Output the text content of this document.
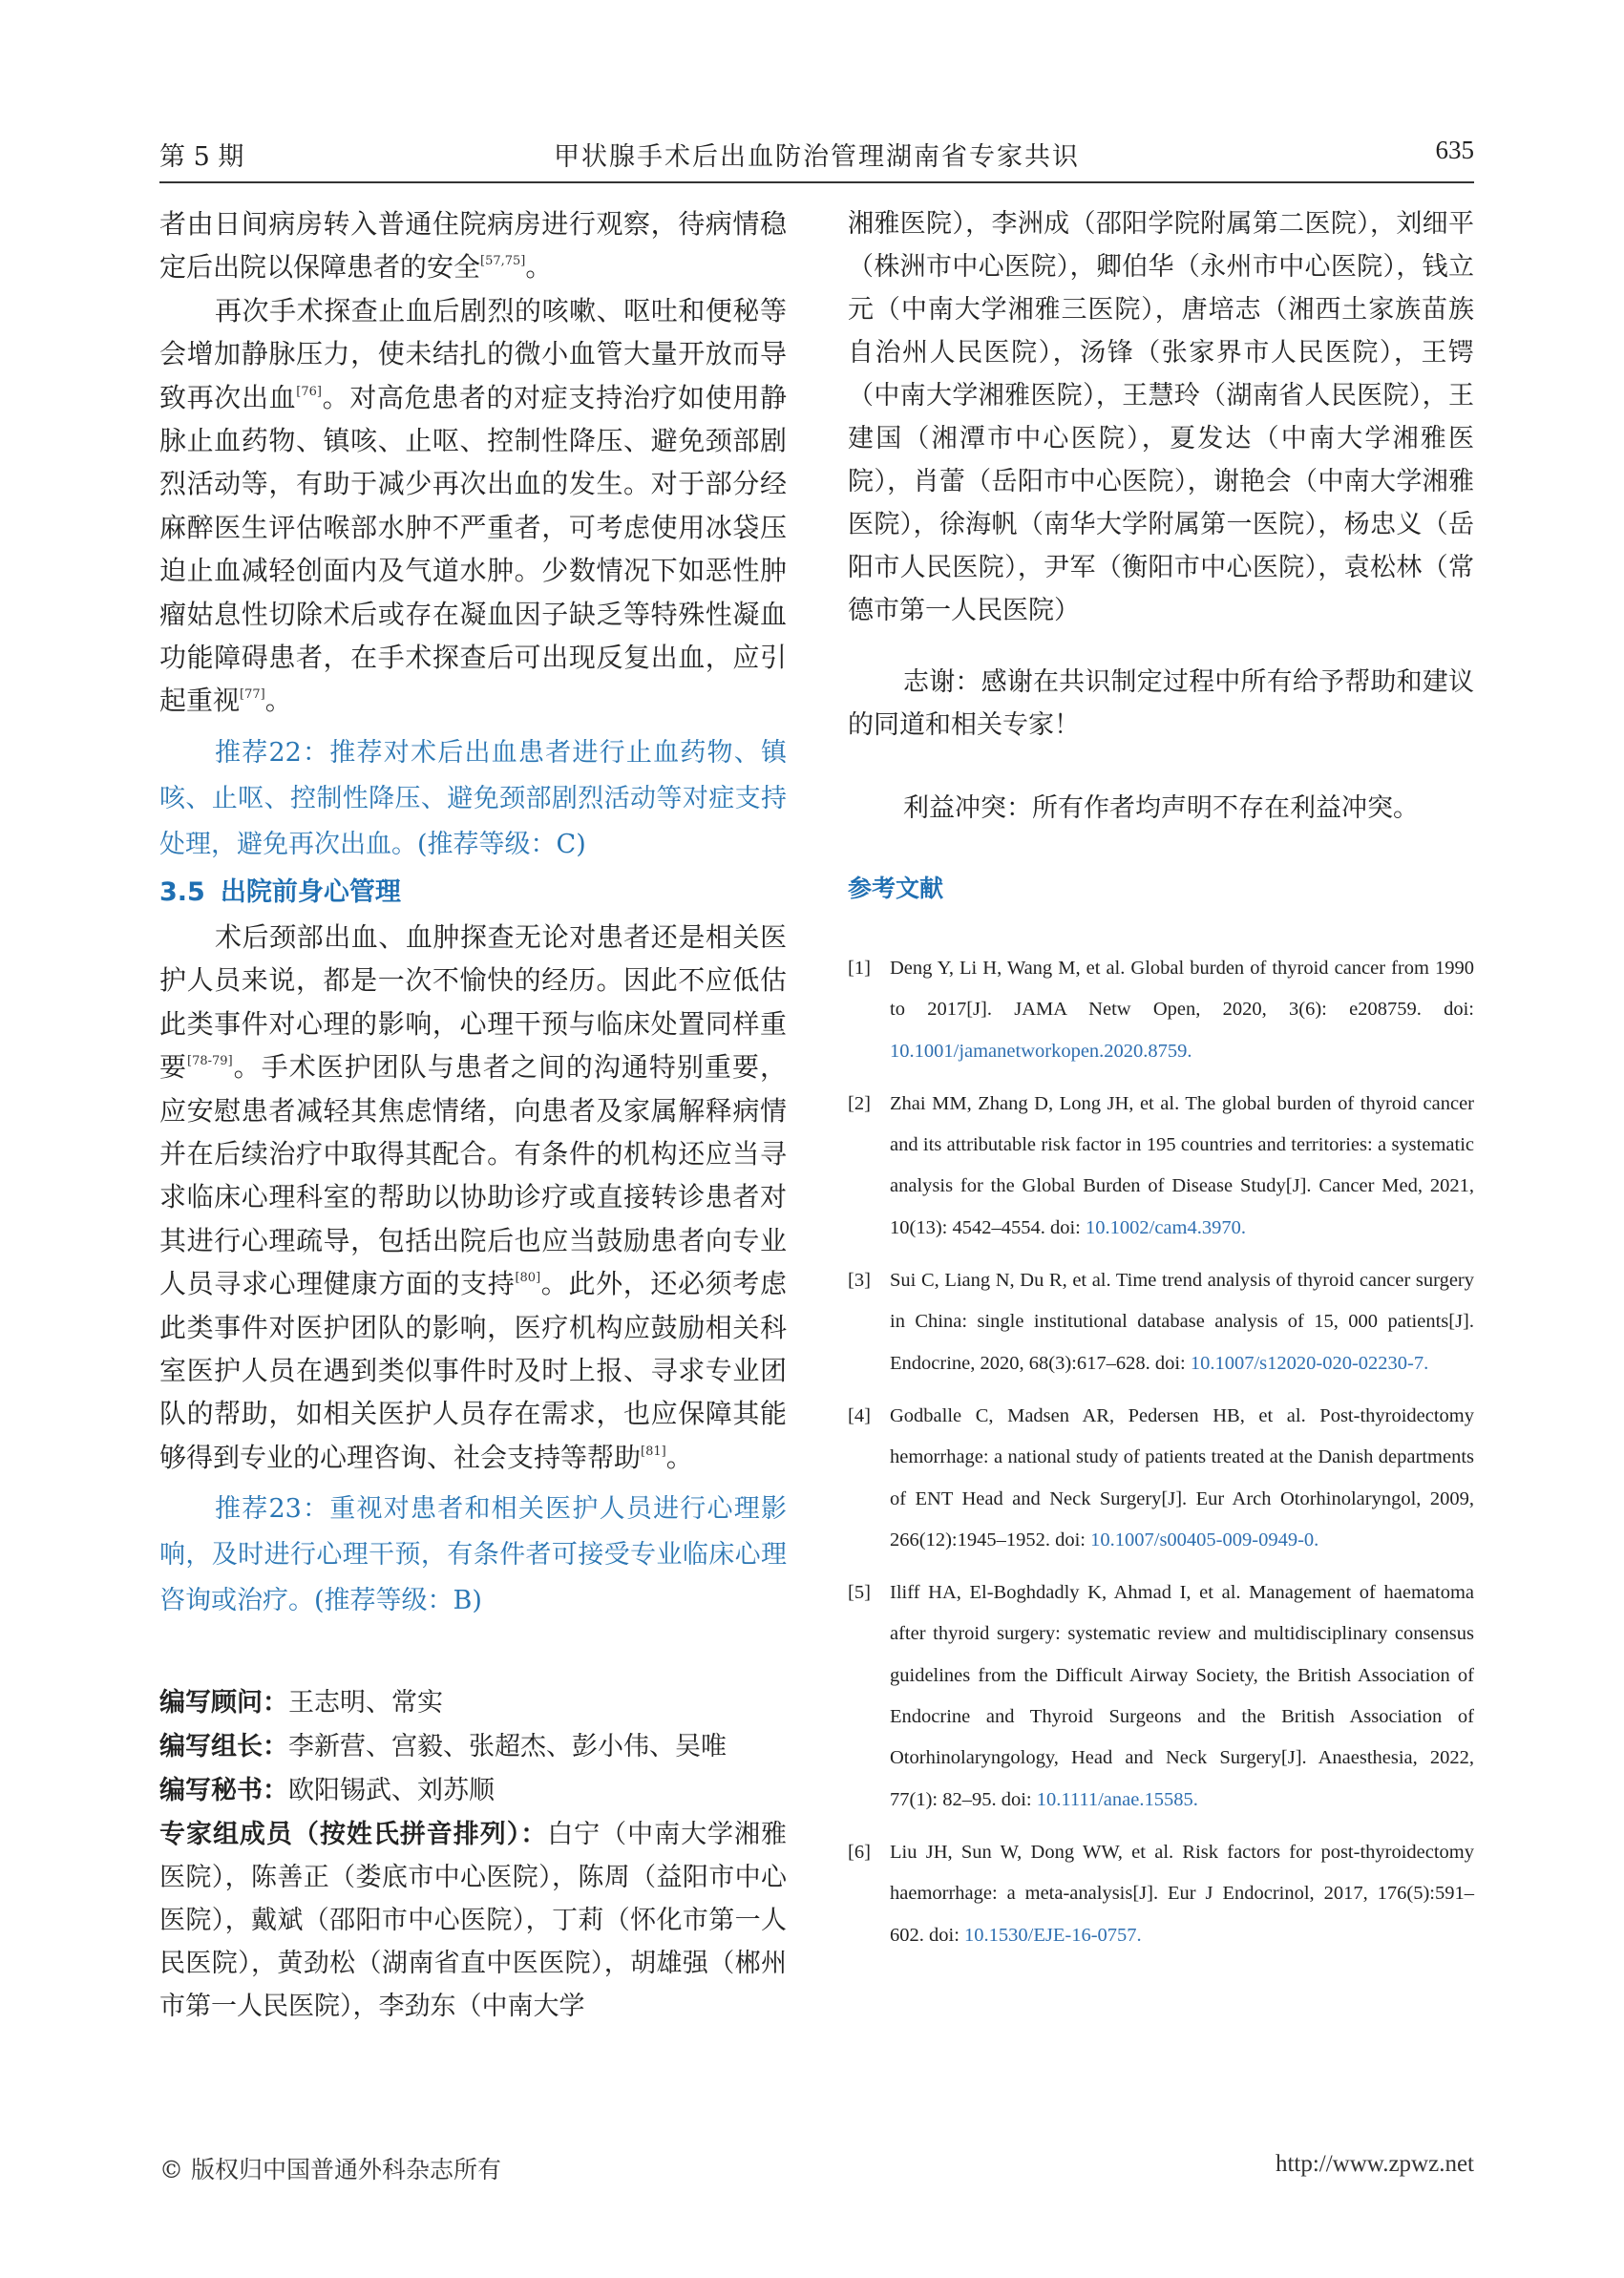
第 5 期	甲状腺手术后出血防治管理湖南省专家共识	635

者由日间病房转入普通住院病房进行观察，待病情稳定后出院以保障患者的安全[57,75]。

再次手术探查止血后剧烈的咳嗽、呕吐和便秘等会增加静脉压力，使未结扎的微小血管大量开放而导致再次出血[76]。对高危患者的对症支持治疗如使用静脉止血药物、镇咳、止呕、控制性降压、避免颈部剧烈活动等，有助于减少再次出血的发生。对于部分经麻醉医生评估喉部水肿不严重者，可考虑使用冰袋压迫止血减轻创面内及气道水肿。少数情况下如恶性肿瘤姑息性切除术后或存在凝血因子缺乏等特殊性凝血功能障碍患者，在手术探查后可出现反复出血，应引起重视[77]。

推荐22：推荐对术后出血患者进行止血药物、镇咳、止呕、控制性降压、避免颈部剧烈活动等对症支持处理，避免再次出血。(推荐等级：C)

3.5 出院前身心管理

术后颈部出血、血肿探查无论对患者还是相关医护人员来说，都是一次不愉快的经历。因此不应低估此类事件对心理的影响，心理干预与临床处置同样重要[78-79]。手术医护团队与患者之间的沟通特别重要，应安慰患者减轻其焦虑情绪，向患者及家属解释病情并在后续治疗中取得其配合。有条件的机构还应当寻求临床心理科室的帮助以协助诊疗或直接转诊患者对其进行心理疏导，包括出院后也应当鼓励患者向专业人员寻求心理健康方面的支持[80]。此外，还必须考虑此类事件对医护团队的影响，医疗机构应鼓励相关科室医护人员在遇到类似事件时及时上报、寻求专业团队的帮助，如相关医护人员存在需求，也应保障其能够得到专业的心理咨询、社会支持等帮助[81]。

推荐23：重视对患者和相关医护人员进行心理影响，及时进行心理干预，有条件者可接受专业临床心理咨询或治疗。(推荐等级：B)

编写顾问：王志明、常实
编写组长：李新营、宫毅、张超杰、彭小伟、吴唯
编写秘书：欧阳锡武、刘苏顺
专家组成员（按姓氏拼音排列）：白宁（中南大学湘雅医院），陈善正（娄底市中心医院），陈周（益阳市中心医院），戴斌（邵阳市中心医院），丁莉（怀化市第一人民医院），黄劲松（湖南省直中医医院），胡雄强（郴州市第一人民医院），李劲东（中南大学

湘雅医院），李洲成（邵阳学院附属第二医院），刘细平（株洲市中心医院），卿伯华（永州市中心医院），钱立元（中南大学湘雅三医院），唐培志（湘西土家族苗族自治州人民医院），汤锋（张家界市人民医院），王锷（中南大学湘雅医院），王慧玲（湖南省人民医院），王建国（湘潭市中心医院），夏发达（中南大学湘雅医院），肖蕾（岳阳市中心医院），谢艳会（中南大学湘雅医院），徐海帆（南华大学附属第一医院），杨忠义（岳阳市人民医院），尹军（衡阳市中心医院），袁松林（常德市第一人民医院）

志谢：感谢在共识制定过程中所有给予帮助和建议的同道和相关专家！

利益冲突：所有作者均声明不存在利益冲突。

参考文献
[1] Deng Y, Li H, Wang M, et al. Global burden of thyroid cancer from 1990 to 2017[J]. JAMA Netw Open, 2020, 3(6): e208759. doi: 10.1001/jamanetworkopen.2020.8759.
[2] Zhai MM, Zhang D, Long JH, et al. The global burden of thyroid cancer and its attributable risk factor in 195 countries and territories: a systematic analysis for the Global Burden of Disease Study[J]. Cancer Med, 2021, 10(13): 4542–4554. doi: 10.1002/cam4.3970.
[3] Sui C, Liang N, Du R, et al. Time trend analysis of thyroid cancer surgery in China: single institutional database analysis of 15, 000 patients[J]. Endocrine, 2020, 68(3):617–628. doi: 10.1007/s12020-020-02230-7.
[4] Godballe C, Madsen AR, Pedersen HB, et al. Post-thyroidectomy hemorrhage: a national study of patients treated at the Danish departments of ENT Head and Neck Surgery[J]. Eur Arch Otorhinolaryngol, 2009, 266(12):1945–1952. doi: 10.1007/s00405-009-0949-0.
[5] Iliff HA, El-Boghdadly K, Ahmad I, et al. Management of haematoma after thyroid surgery: systematic review and multidisciplinary consensus guidelines from the Difficult Airway Society, the British Association of Endocrine and Thyroid Surgeons and the British Association of Otorhinolaryngology, Head and Neck Surgery[J]. Anaesthesia, 2022, 77(1): 82–95. doi: 10.1111/anae.15585.
[6] Liu JH, Sun W, Dong WW, et al. Risk factors for post-thyroidectomy haemorrhage: a meta-analysis[J]. Eur J Endocrinol, 2017, 176(5):591–602. doi: 10.1530/EJE-16-0757.
© 版权归中国普通外科杂志所有	http://www.zpwz.net
